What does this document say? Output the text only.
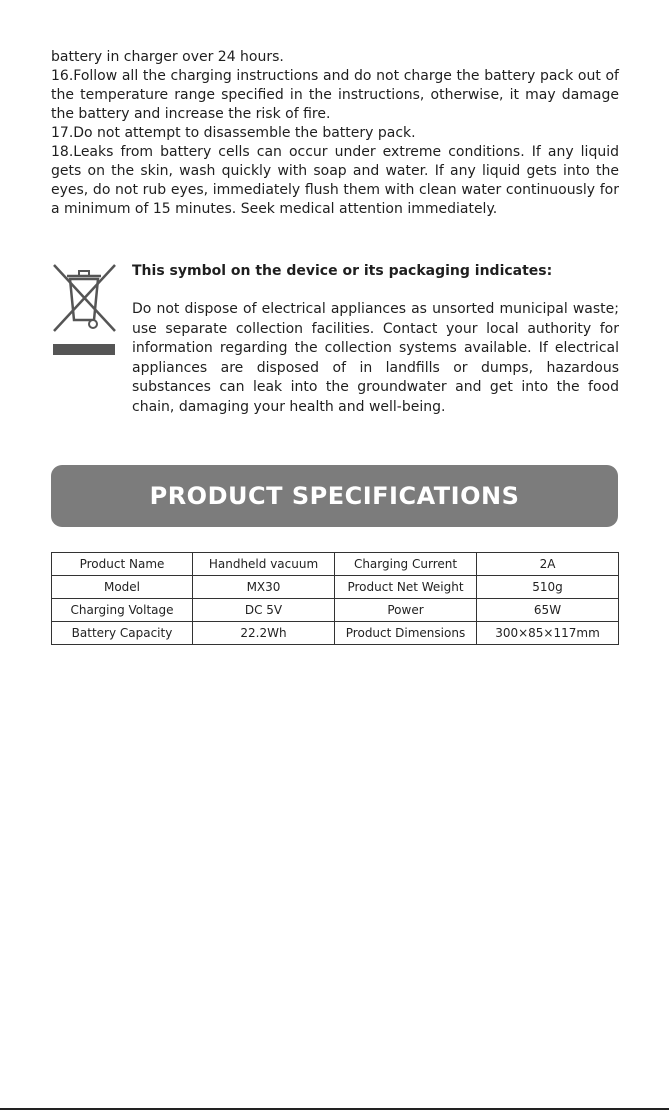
battery in charger over 24 hours.

16.Follow all the charging instructions and do not charge the battery pack out of the temperature range specified in the instructions, otherwise, it may damage the battery and increase the risk of fire.

17.Do not attempt to disassemble the battery pack.

18.Leaks from battery cells can occur under extreme conditions. If any liquid gets on the skin, wash quickly with soap and water. If any liquid gets into the eyes, do not rub eyes, immediately flush them with clean water continuously for a minimum of 15 minutes. Seek medical attention immediately.

This symbol on the device or its packaging indicates:

Do not dispose of electrical appliances as unsorted municipal waste; use separate collection facilities. Contact your local authority for information regarding the collection systems available. If electrical appliances are disposed of in landfills or dumps, hazardous substances can leak into the groundwater and get into the food chain, damaging your health and well-being.

PRODUCT SPECIFICATIONS
Product Name	Handheld vacuum	Charging Current	2A
Model	MX30	Product Net Weight	510g
Charging Voltage	DC 5V	Power	65W
Battery Capacity	22.2Wh	Product Dimensions	300×85×117mm
